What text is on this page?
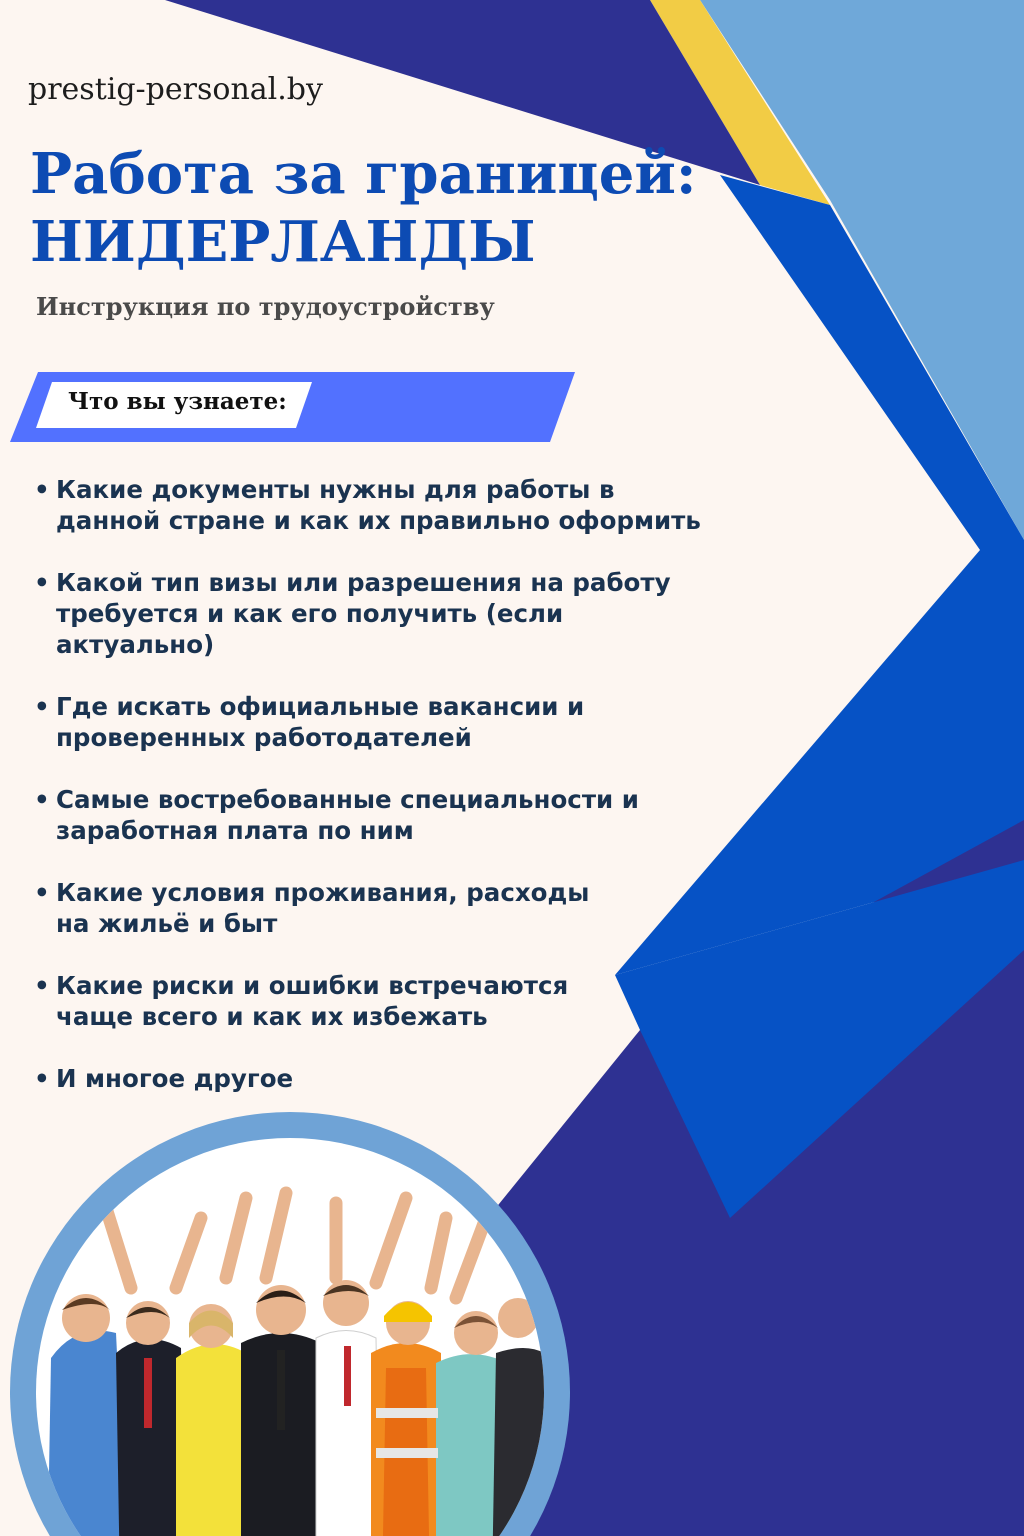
prestig-personal.by
Работа за границей:
НИДЕРЛАНДЫ
Инструкция по трудоустройству
Что вы узнаете:
• Какие документы нужны для работы в
данной стране и как их правильно оформить
• Какой тип визы или разрешения на работу
требуется и как его получить (если
актуально)
• Где искать официальные вакансии и
проверенных работодателей
• Самые востребованные специальности и
заработная плата по ним
• Какие условия проживания, расходы
на жильё и быт
• Какие риски и ошибки встречаются
чаще всего и как их избежать
• И многое другое
